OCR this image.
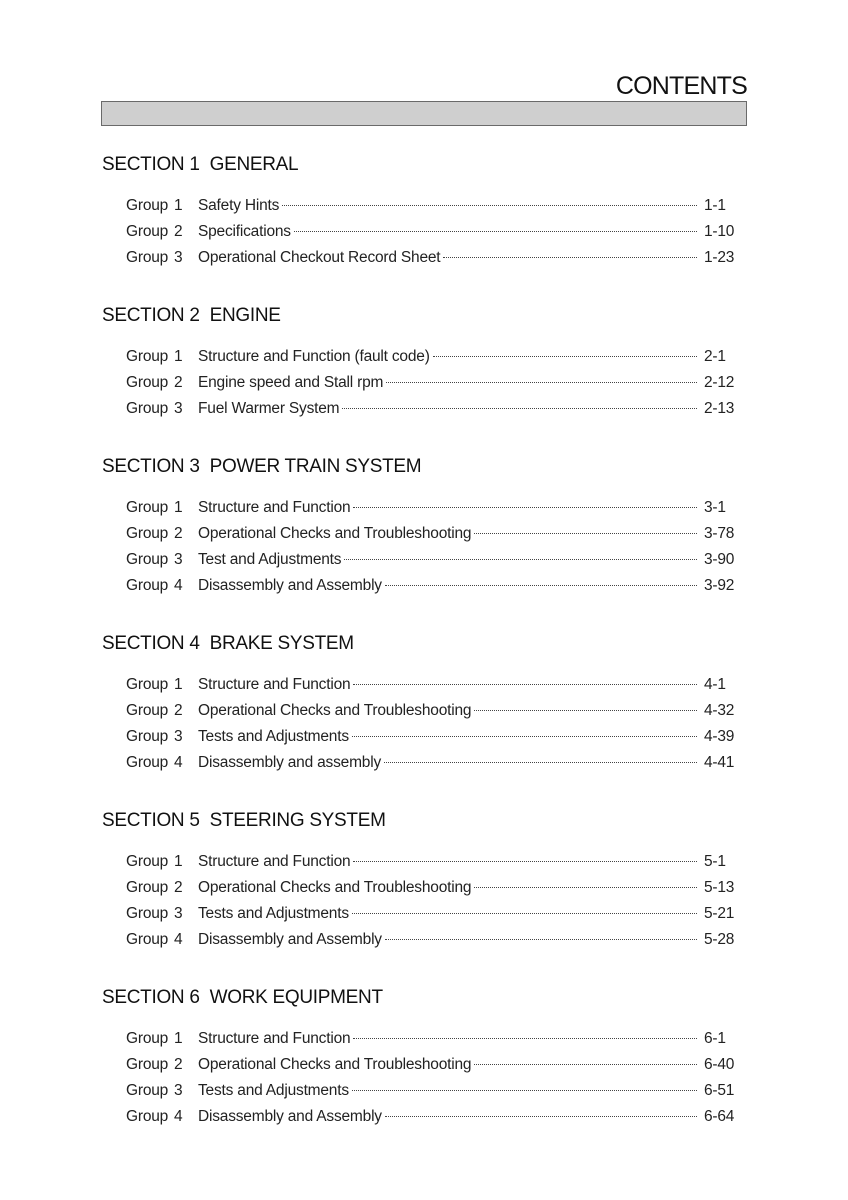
CONTENTS
SECTION 1 GENERAL
Group 1	Safety Hints	1-1
Group 2	Specifications	1-10
Group 3	Operational Checkout Record Sheet	1-23
SECTION 2 ENGINE
Group 1	Structure and Function (fault code)	2-1
Group 2	Engine speed and Stall rpm	2-12
Group 3	Fuel Warmer System	2-13
SECTION 3 POWER TRAIN SYSTEM
Group 1	Structure and Function	3-1
Group 2	Operational Checks and Troubleshooting	3-78
Group 3	Test and Adjustments	3-90
Group 4	Disassembly and Assembly	3-92
SECTION 4 BRAKE SYSTEM
Group 1	Structure and Function	4-1
Group 2	Operational Checks and Troubleshooting	4-32
Group 3	Tests and Adjustments	4-39
Group 4	Disassembly and assembly	4-41
SECTION 5 STEERING SYSTEM
Group 1	Structure and Function	5-1
Group 2	Operational Checks and Troubleshooting	5-13
Group 3	Tests and Adjustments	5-21
Group 4	Disassembly and Assembly	5-28
SECTION 6 WORK EQUIPMENT
Group 1	Structure and Function	6-1
Group 2	Operational Checks and Troubleshooting	6-40
Group 3	Tests and Adjustments	6-51
Group 4	Disassembly and Assembly	6-64
